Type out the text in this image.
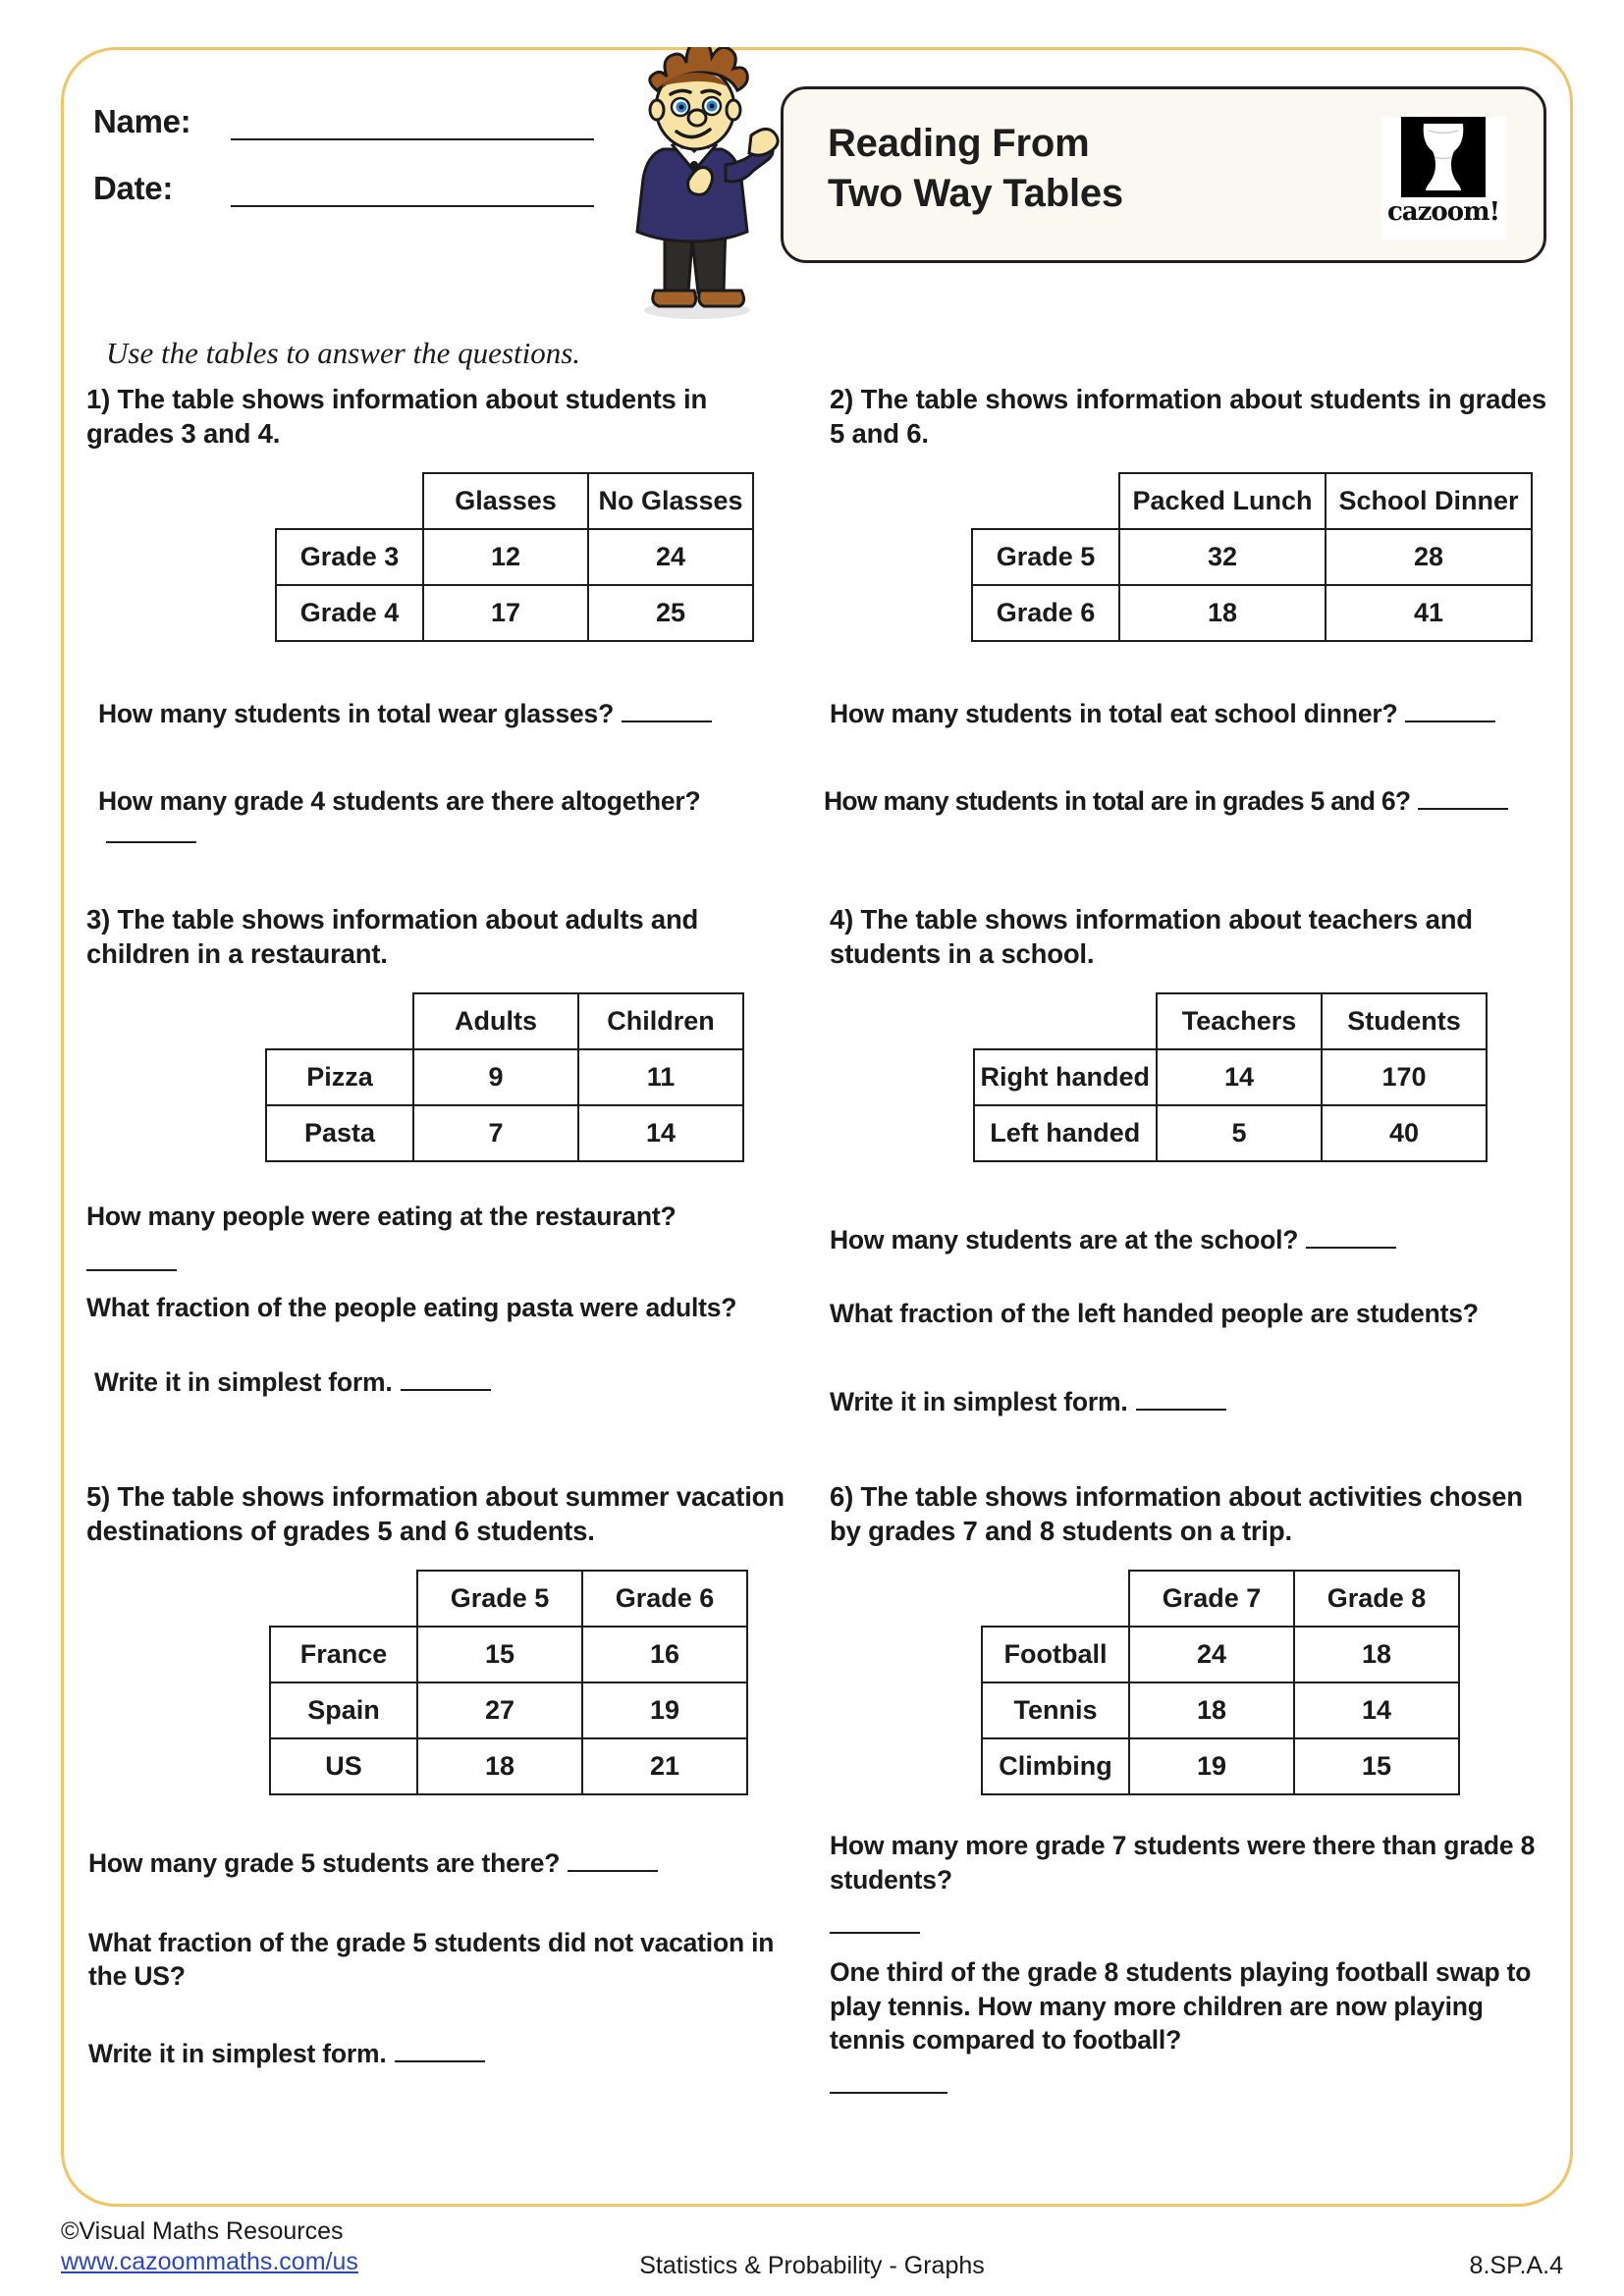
Name:
Date:
Reading From
Two Way Tables	cazoom!
Use the tables to answer the questions.
1) The table shows information about students in grades 3 and 4.
	Glasses	No Glasses
Grade 3	12	24
Grade 4	17	25
How many students in total wear glasses?
How many grade 4 students are there altogether?
3) The table shows information about adults and children in a restaurant.
	Adults	Children
Pizza	9	11
Pasta	7	14
How many people were eating at the restaurant?
What fraction of the people eating pasta were adults?
Write it in simplest form.
5) The table shows information about summer vacation destinations of grades 5 and 6 students.
	Grade 5	Grade 6
France	15	16
Spain	27	19
US	18	21
How many grade 5 students are there?
What fraction of the grade 5 students did not vacation in the US?
Write it in simplest form.
2) The table shows information about students in grades 5 and 6.
	Packed Lunch	School Dinner
Grade 5	32	28
Grade 6	18	41
How many students in total eat school dinner?
How many students in total are in grades 5 and 6?
4) The table shows information about teachers and students in a school.
	Teachers	Students
Right handed	14	170
Left handed	5	40
How many students are at the school?
What fraction of the left handed people are students?
Write it in simplest form.
6) The table shows information about activities chosen by grades 7 and 8 students on a trip.
	Grade 7	Grade 8
Football	24	18
Tennis	18	14
Climbing	19	15
How many more grade 7 students were there than grade 8 students?
One third of the grade 8 students playing football swap to play tennis. How many more children are now playing tennis compared to football?
©Visual Maths Resources
www.cazoommaths.com/us	Statistics & Probability - Graphs	8.SP.A.4
